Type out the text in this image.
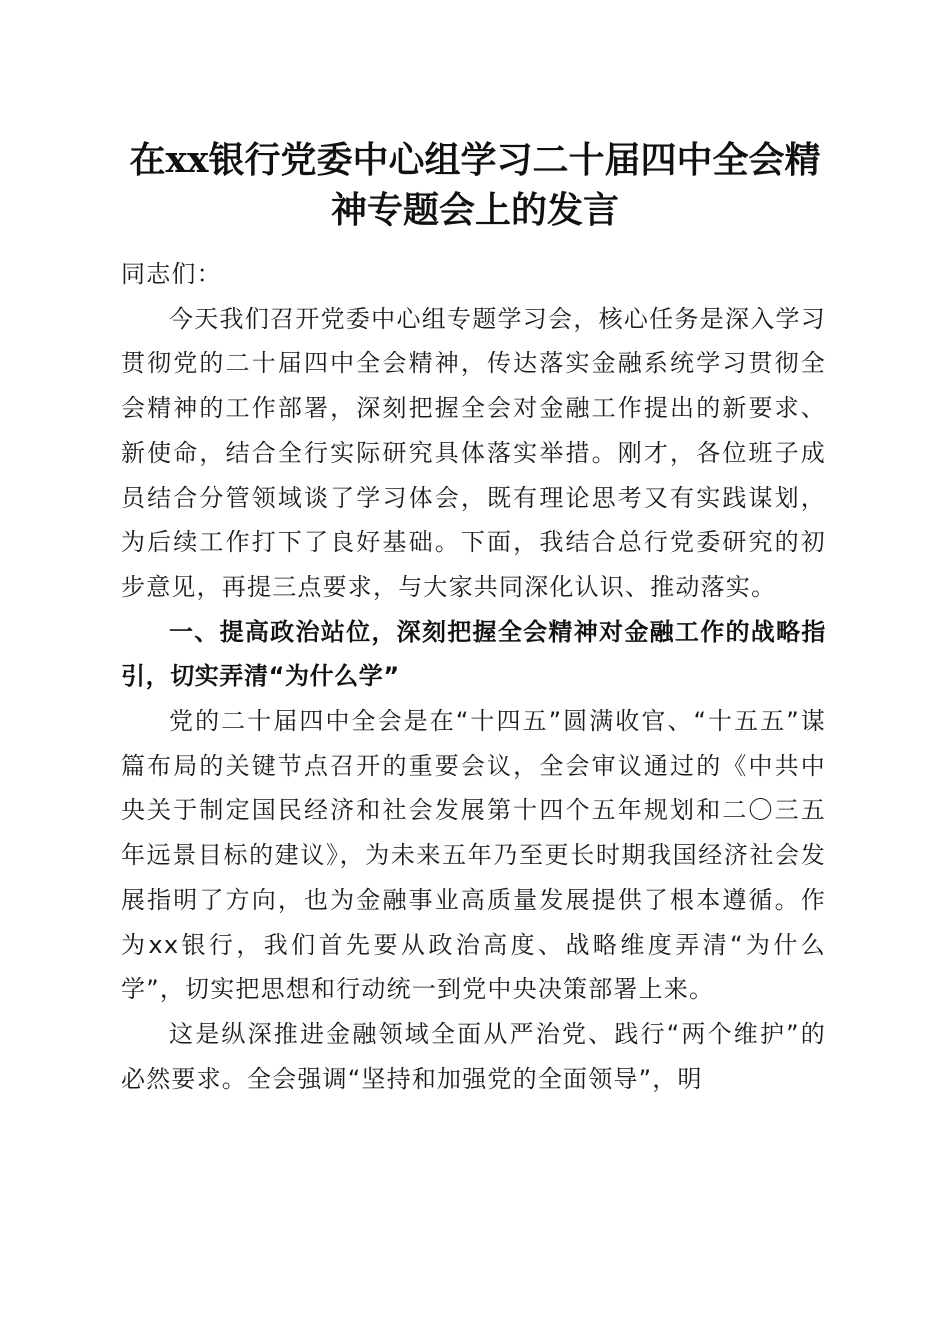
在xx银行党委中心组学习二十届四中全会精
神专题会上的发言

同志们：

今天我们召开党委中心组专题学习会，核心任务是深入学习贯彻党的二十届四中全会精神，传达落实金融系统学习贯彻全会精神的工作部署，深刻把握全会对金融工作提出的新要求、新使命，结合全行实际研究具体落实举措。刚才，各位班子成员结合分管领域谈了学习体会，既有理论思考又有实践谋划，为后续工作打下了良好基础。下面，我结合总行党委研究的初步意见，再提三点要求，与大家共同深化认识、推动落实。

一、提高政治站位，深刻把握全会精神对金融工作的战略指引，切实弄清“为什么学”

党的二十届四中全会是在“十四五”圆满收官、“十五五”谋篇布局的关键节点召开的重要会议，全会审议通过的《中共中央关于制定国民经济和社会发展第十四个五年规划和二〇三五年远景目标的建议》，为未来五年乃至更长时期我国经济社会发展指明了方向，也为金融事业高质量发展提供了根本遵循。作为xx银行，我们首先要从政治高度、战略维度弄清“为什么学”，切实把思想和行动统一到党中央决策部署上来。

这是纵深推进金融领域全面从严治党、践行“两个维护”的必然要求。全会强调“坚持和加强党的全面领导”，明
